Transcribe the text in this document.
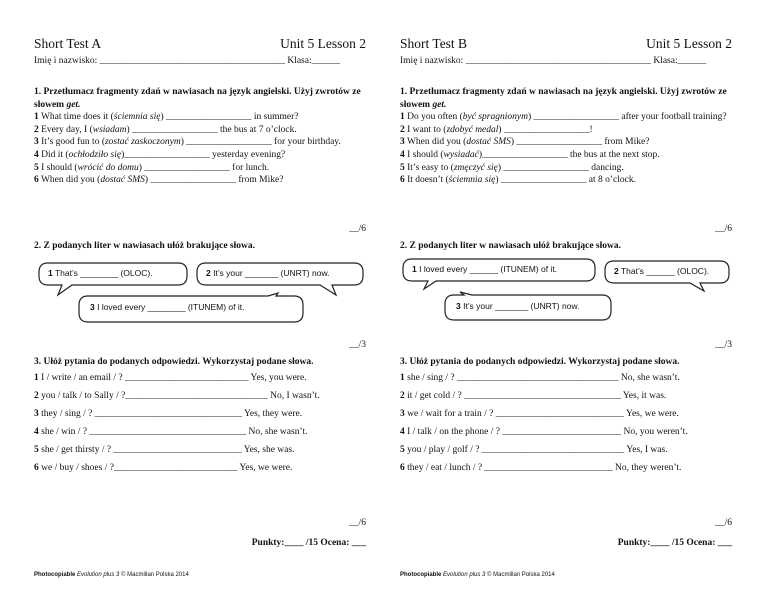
Short Test A	Unit 5 Lesson 2
Imię i nazwisko: _______________________________________ Klasa:______
1. Przetłumacz fragmenty zdań w nawiasach na język angielski. Użyj zwrotów ze słowem get.
1 What time does it (ściemnia się) __________________ in summer?
2 Every day, I (wsiadam) __________________ the bus at 7 o’clock.
3 It’s good fun to (zostać zaskoczonym) __________________ for your birthday.
4 Did it (ochłodziło się)__________________ yesterday evening?
5 I should (wrócić do domu) __________________ for lunch.
6 When did you (dostać SMS) __________________ from Mike?
__/6
2. Z podanych liter w nawiasach ułóż brakujące słowa.
1 That’s ________ (OLOC).	2 It’s your _______ (UNRT) now.
3 I loved every ________ (ITUNEM) of it.
__/3
3. Ułóż pytania do podanych odpowiedzi. Wykorzystaj podane słowa.
1 I / write / an email / ? __________________________ Yes, you were.
2 you / talk / to Sally / ?______________________________ No, I wasn’t.
3 they / sing / ? _______________________________ Yes, they were.
4 she / win / ? _________________________________ No, she wasn’t.
5 she / get thirsty / ? ___________________________ Yes, she was.
6 we / buy / shoes / ?__________________________ Yes, we were.
__/6
Punkty:____ /15 Ocena: ___
Photocopiable Evolution plus 3 © Macmillan Polska 2014
Short Test B	Unit 5 Lesson 2
Imię i nazwisko: _______________________________________ Klasa:______
1. Przetłumacz fragmenty zdań w nawiasach na język angielski. Użyj zwrotów ze słowem get.
1 Do you often (być spragnionym) __________________ after your football training?
2 I want to (zdobyć medal) __________________!
3 When did you (dostać SMS) __________________ from Mike?
4 I should (wysiadać)__________________ the bus at the next stop.
5 It’s easy to (zmęczyć się) __________________ dancing.
6 It doesn’t (ściemnia się) __________________ at 8 o’clock.
__/6
2. Z podanych liter w nawiasach ułóż brakujące słowa.
1 I loved every ______ (ITUNEM) of it.	2 That’s ______ (OLOC).
3 It’s your _______ (UNRT) now.
__/3
3. Ułóż pytania do podanych odpowiedzi. Wykorzystaj podane słowa.
1 she / sing / ? __________________________________ No, she wasn’t.
2 it / get cold / ? _________________________________ Yes, it was.
3 we / wait for a train / ? ___________________________ Yes, we were.
4 I / talk / on the phone / ? _________________________ No, you weren’t.
5 you / play / golf / ? ______________________________ Yes, I was.
6 they / eat / lunch / ? ___________________________ No, they weren’t.
__/6
Punkty:____ /15 Ocena: ___
Photocopiable Evolution plus 3 © Macmillan Polska 2014
